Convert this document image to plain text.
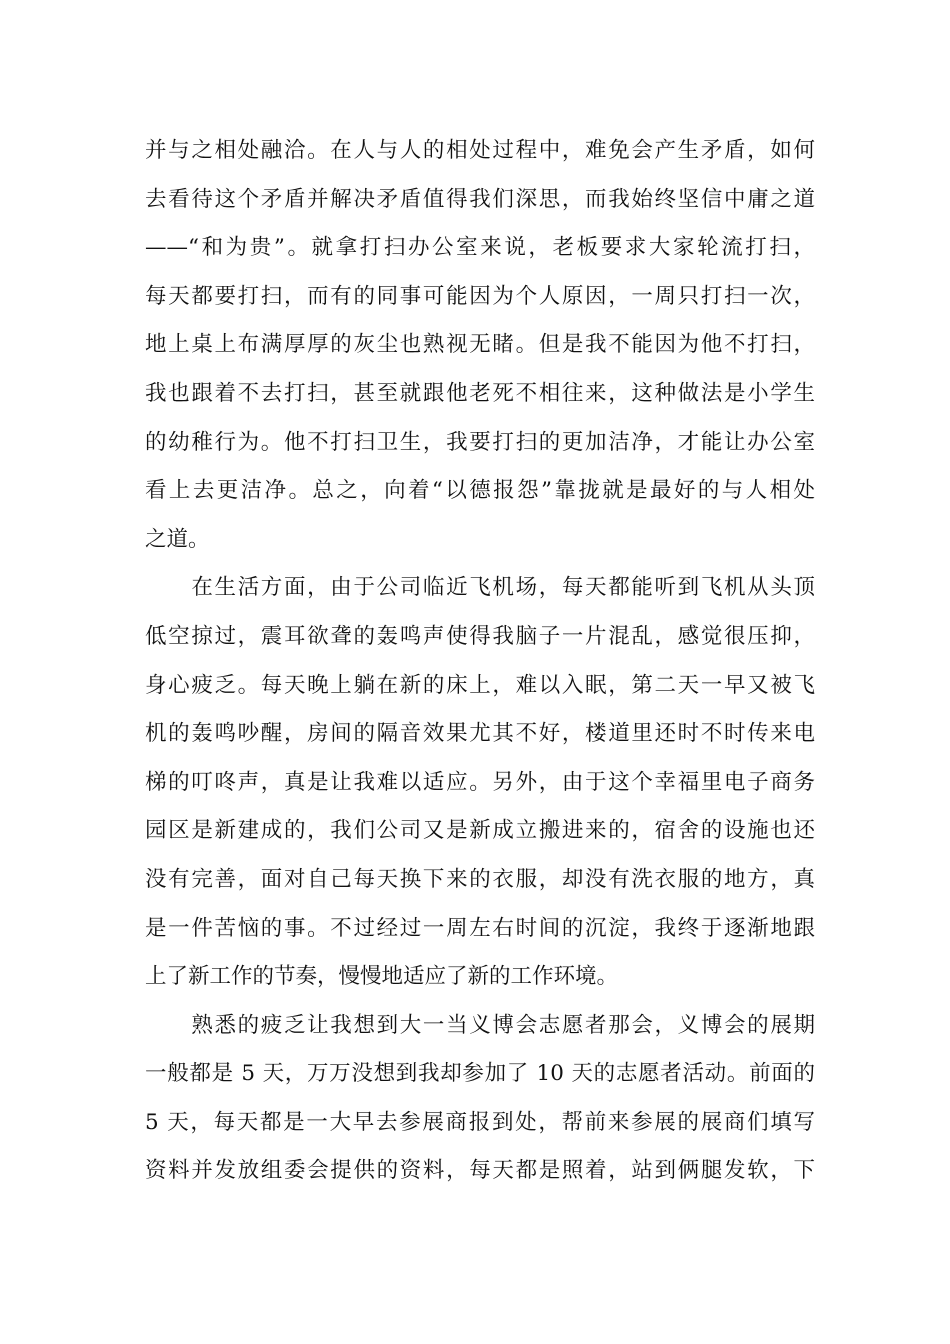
并与之相处融洽。在人与人的相处过程中，难免会产生矛盾，如何
去看待这个矛盾并解决矛盾值得我们深思，而我始终坚信中庸之道
——“和为贵”。就拿打扫办公室来说，老板要求大家轮流打扫，
每天都要打扫，而有的同事可能因为个人原因，一周只打扫一次，
地上桌上布满厚厚的灰尘也熟视无睹。但是我不能因为他不打扫，
我也跟着不去打扫，甚至就跟他老死不相往来，这种做法是小学生
的幼稚行为。他不打扫卫生，我要打扫的更加洁净，才能让办公室
看上去更洁净。总之，向着“以德报怨”靠拢就是最好的与人相处
之道。

　　在生活方面，由于公司临近飞机场，每天都能听到飞机从头顶
低空掠过，震耳欲聋的轰鸣声使得我脑子一片混乱，感觉很压抑，
身心疲乏。每天晚上躺在新的床上，难以入眠，第二天一早又被飞
机的轰鸣吵醒，房间的隔音效果尤其不好，楼道里还时不时传来电
梯的叮咚声，真是让我难以适应。另外，由于这个幸福里电子商务
园区是新建成的，我们公司又是新成立搬进来的，宿舍的设施也还
没有完善，面对自己每天换下来的衣服，却没有洗衣服的地方，真
是一件苦恼的事。不过经过一周左右时间的沉淀，我终于逐渐地跟
上了新工作的节奏，慢慢地适应了新的工作环境。

　　熟悉的疲乏让我想到大一当义博会志愿者那会，义博会的展期
一般都是 5 天，万万没想到我却参加了 10 天的志愿者活动。前面的
5 天，每天都是一大早去参展商报到处，帮前来参展的展商们填写
资料并发放组委会提供的资料，每天都是照着，站到俩腿发软，下
